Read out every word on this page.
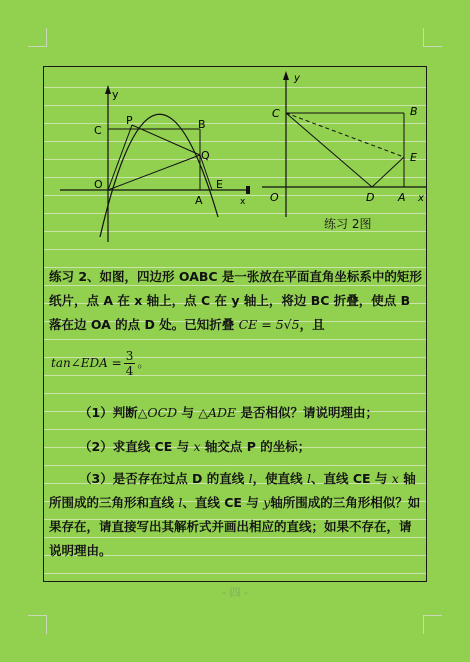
y
x
C
P	B
Q
O	E
A
y
x
C	B
E
O	D A
练习 2图
练习 2、如图，四边形 OABC 是一张放在平面直角坐标系中的矩形纸片，点 A 在 x 轴上，点 C 在 y 轴上，将边 BC 折叠，使点 B 落在边 OA 的点 D 处。已知折叠 CE = 5√5，且
tan∠EDA = $\frac{3}{4}$ 。
（1）判断△OCD 与 △ADE 是否相似？请说明理由；
（2）求直线 CE 与 x 轴交点 P 的坐标；
（3）是否存在过点 D 的直线 l，使直线 l、直线 CE 与 x 轴所围成的三角形和直线 l、直线 CE 与 y轴所围成的三角形相似？如果存在，请直接写出其解析式并画出相应的直线；如果不存在，请说明理由。
- 四 -
